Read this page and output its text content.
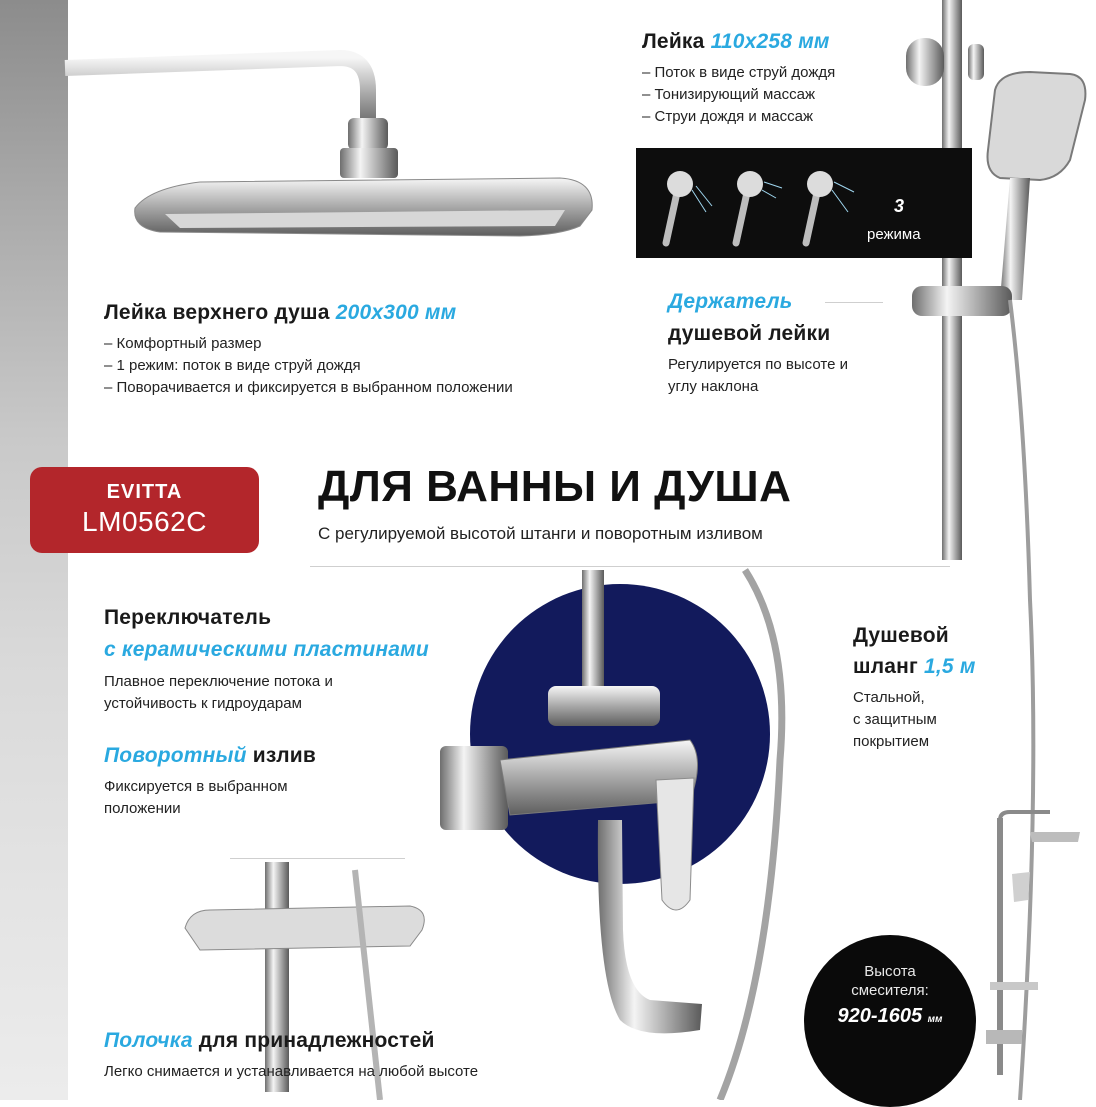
3
режима
Лейка 110x258 мм
– Поток в виде струй дождя
– Тонизирующий массаж
– Струи дождя и массаж
Лейка верхнего душа 200x300 мм
– Комфортный размер
– 1 режим: поток в виде струй дождя
– Поворачивается и фиксируется в выбранном положении
Держатель
душевой лейки
Регулируется по высоте и
углу наклона
EVITTA
LM0562C
ДЛЯ ВАННЫ И ДУША
С регулируемой высотой штанги и поворотным изливом
Переключатель
с керамическими пластинами
Плавное переключение потока и
устойчивость к гидроударам
Поворотный излив
Фиксируется в выбранном
положении
Душевой
шланг 1,5 м
Стальной,
с защитным
покрытием
Полочка для принадлежностей
Легко снимается и устанавливается на любой высоте
Высота
смесителя:
920-1605 мм
